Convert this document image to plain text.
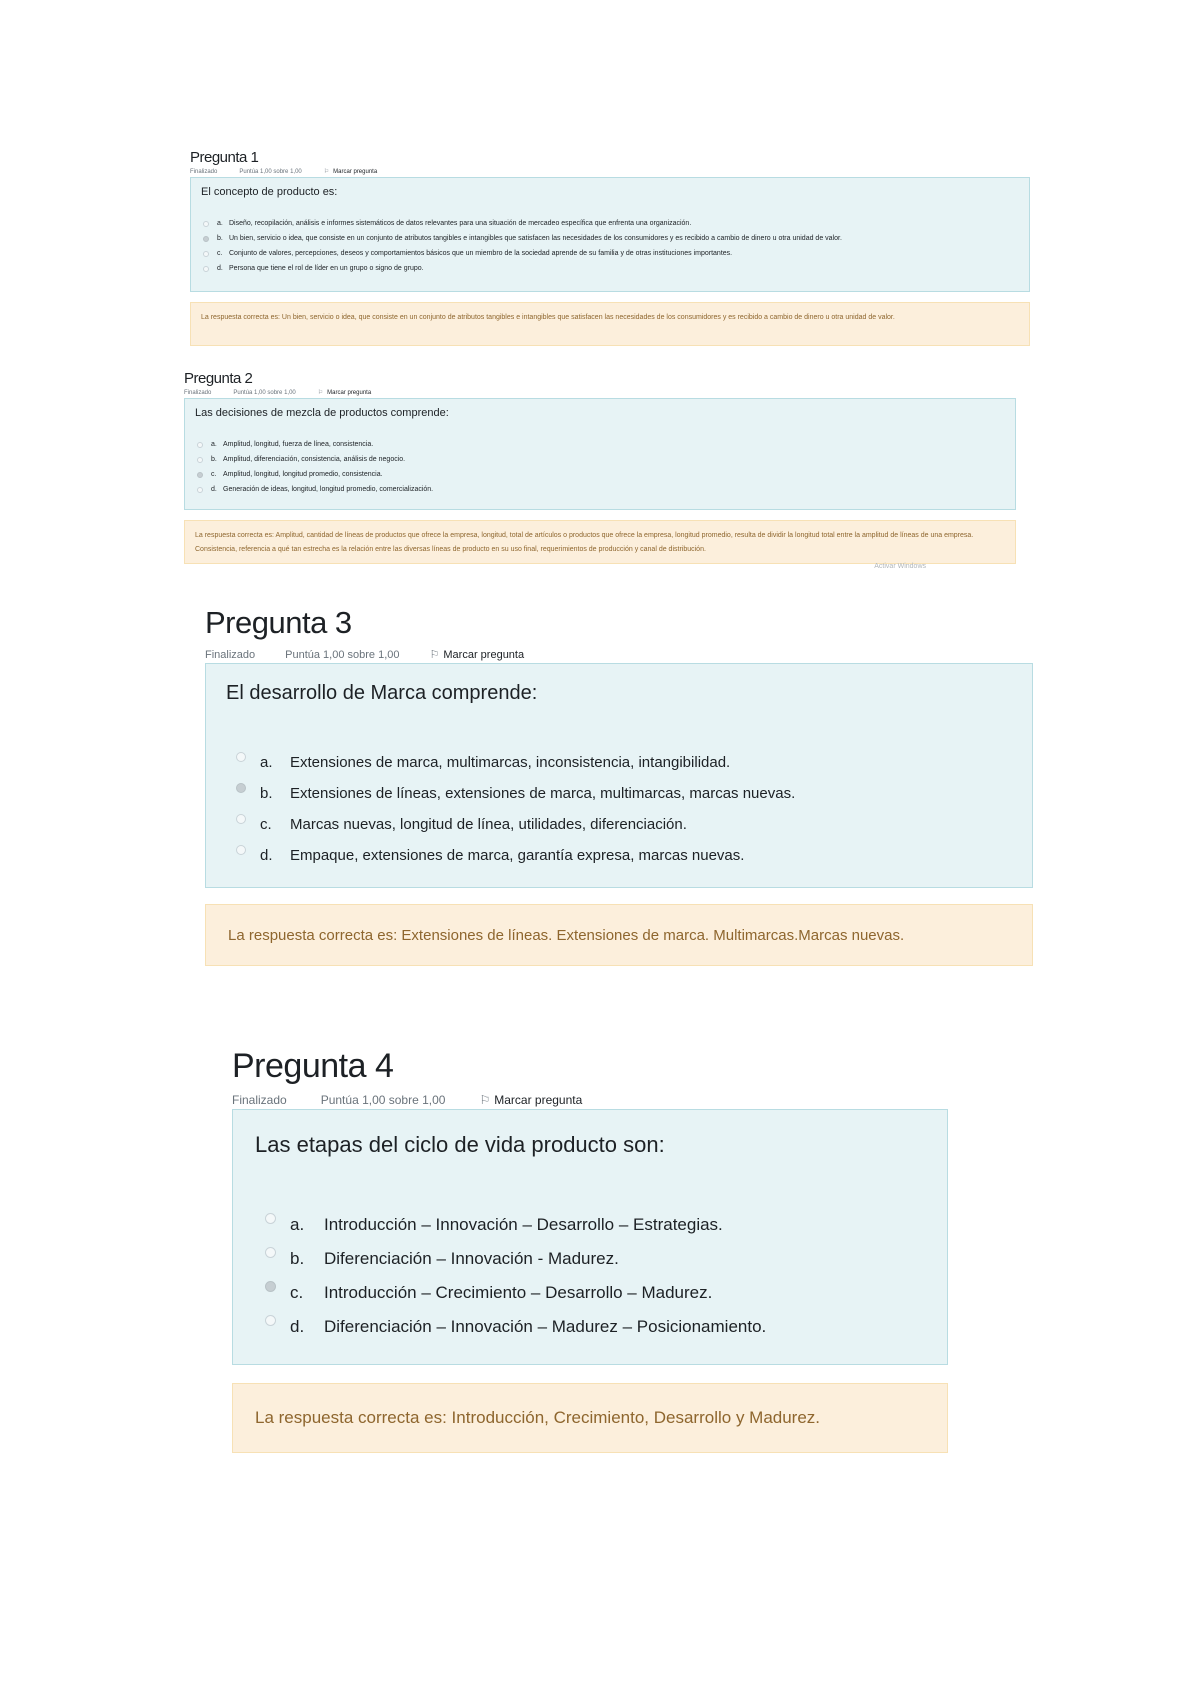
Pregunta 1
Finalizado	Puntúa 1,00 sobre 1,00	⚐ Marcar pregunta

El concepto de producto es:

a. Diseño, recopilación, análisis e informes sistemáticos de datos relevantes para una situación de mercadeo específica que enfrenta una organización.
b. Un bien, servicio o idea, que consiste en un conjunto de atributos tangibles e intangibles que satisfacen las necesidades de los consumidores y es recibido a cambio de dinero u otra unidad de valor.
c. Conjunto de valores, percepciones, deseos y comportamientos básicos que un miembro de la sociedad aprende de su familia y de otras instituciones importantes.
d. Persona que tiene el rol de líder en un grupo o signo de grupo.
La respuesta correcta es: Un bien, servicio o idea, que consiste en un conjunto de atributos tangibles e intangibles que satisfacen las necesidades de los consumidores y es recibido a cambio de dinero u otra unidad de valor.
Pregunta 2
Finalizado	Puntúa 1,00 sobre 1,00	⚐ Marcar pregunta

Las decisiones de mezcla de productos comprende:

a. Amplitud, longitud, fuerza de línea, consistencia.
b. Amplitud, diferenciación, consistencia, análisis de negocio.
c. Amplitud, longitud, longitud promedio, consistencia.
d. Generación de ideas, longitud, longitud promedio, comercialización.
La respuesta correcta es: Amplitud, cantidad de líneas de productos que ofrece la empresa, longitud, total de artículos o productos que ofrece la empresa, longitud promedio, resulta de dividir la longitud total entre la amplitud de líneas de una empresa. Consistencia, referencia a qué tan estrecha es la relación entre las diversas líneas de producto en su uso final, requerimientos de producción y canal de distribución.
Activar Windows
Pregunta 3
Finalizado	Puntúa 1,00 sobre 1,00	⚐ Marcar pregunta

El desarrollo de Marca comprende:

a.	Extensiones de marca, multimarcas, inconsistencia, intangibilidad.
b.	Extensiones de líneas, extensiones de marca, multimarcas, marcas nuevas.
c.	Marcas nuevas, longitud de línea, utilidades, diferenciación.
d.	Empaque, extensiones de marca, garantía expresa, marcas nuevas.
La respuesta correcta es: Extensiones de líneas. Extensiones de marca. Multimarcas.Marcas nuevas.
Pregunta 4
Finalizado	Puntúa 1,00 sobre 1,00	⚐ Marcar pregunta

Las etapas del ciclo de vida producto son:

a.	Introducción – Innovación – Desarrollo – Estrategias.
b.	Diferenciación – Innovación - Madurez.
c.	Introducción – Crecimiento – Desarrollo – Madurez.
d.	Diferenciación – Innovación – Madurez – Posicionamiento.
La respuesta correcta es: Introducción, Crecimiento, Desarrollo y Madurez.
